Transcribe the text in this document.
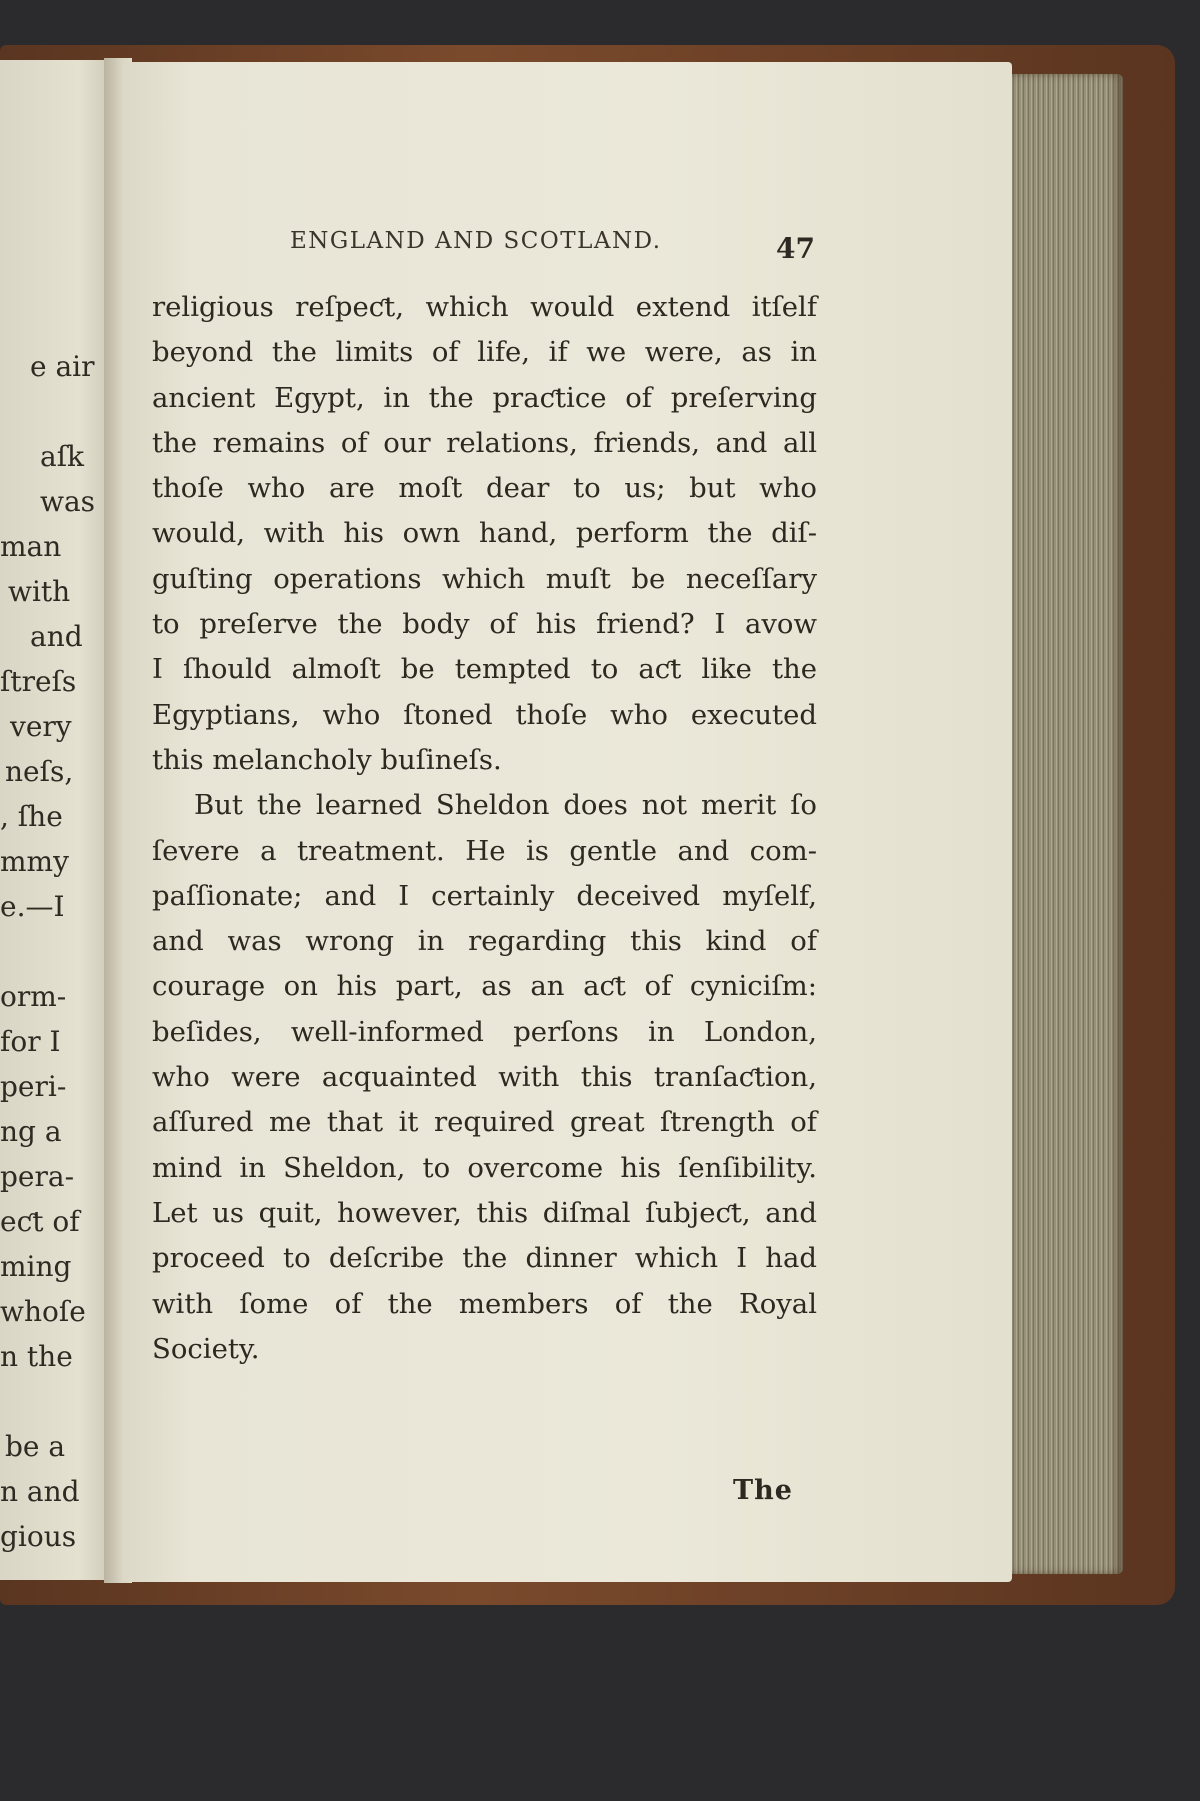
e air
aſk
was
man
with
and
ſtreſs
very
neſs,
, ſhe
mmy
e.—I
orm-
for I
peri-
ng a
pera-
eƈt of
ming
whoſe
n the
be a
n and
gious
ENGLAND AND SCOTLAND.	47
religious reſpeƈt, which would extend itſelf
beyond the limits of life, if we were, as in
ancient Egypt, in the praƈtice of preſerving
the remains of our relations, friends, and all
thoſe who are moſt dear to us; but who
would, with his own hand, perform the diſ-
guſting operations which muſt be neceſſary
to preſerve the body of his friend? I avow
I ſhould almoſt be tempted to aƈt like the
Egyptians, who ſtoned thoſe who executed
this melancholy buſineſs.
But the learned Sheldon does not merit ſo
ſevere a treatment. He is gentle and com-
paſſionate; and I certainly deceived myſelf,
and was wrong in regarding this kind of
courage on his part, as an aƈt of cyniciſm:
beſides, well-informed perſons in London,
who were acquainted with this tranſaƈtion,
aſſured me that it required great ſtrength of
mind in Sheldon, to overcome his ſenſibility.
Let us quit, however, this diſmal ſubjeƈt, and
proceed to deſcribe the dinner which I had
with ſome of the members of the Royal
Society.
The
